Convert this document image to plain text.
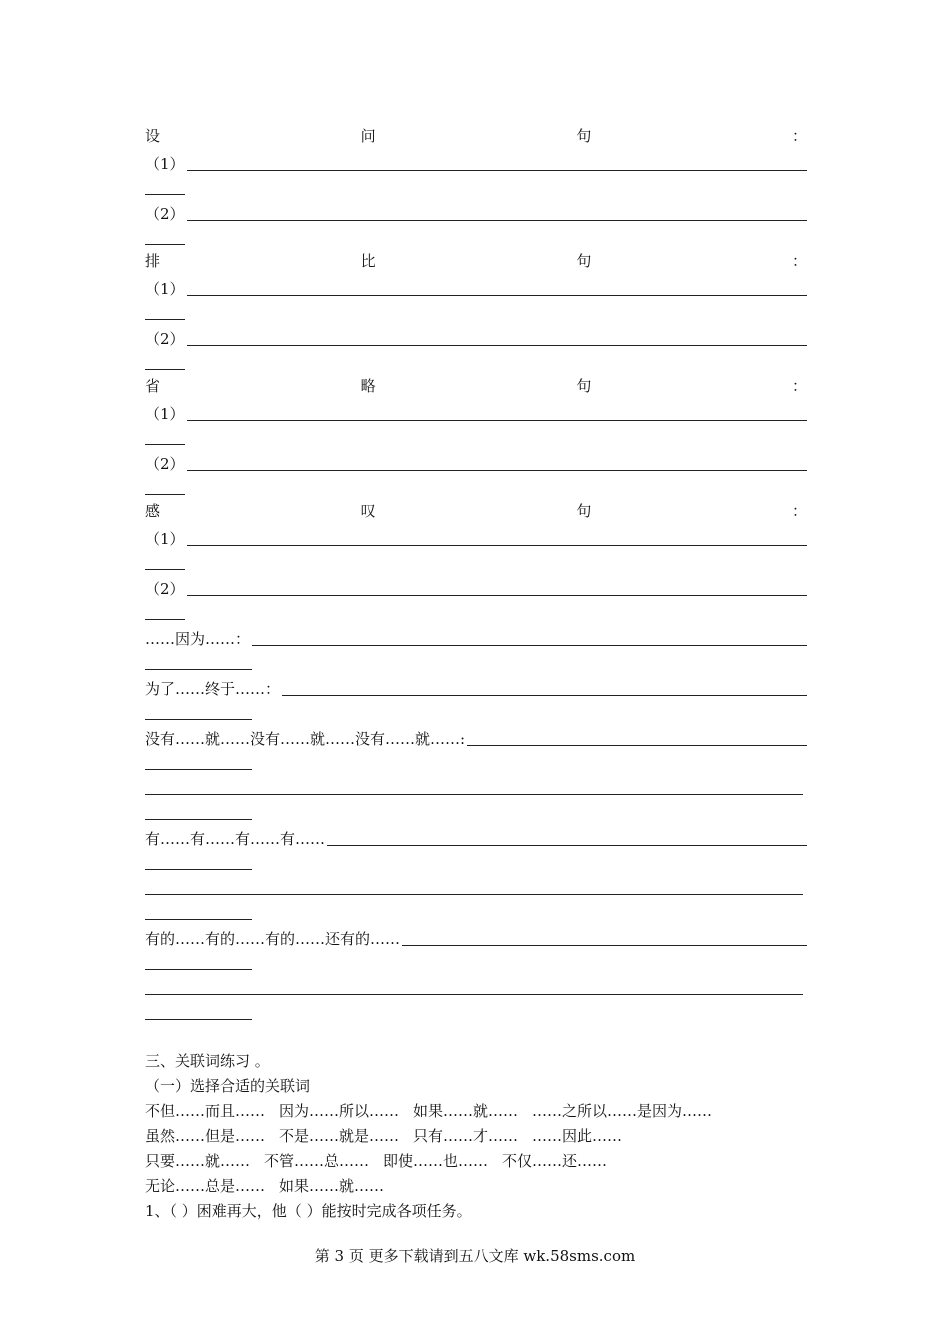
设	问	句	：
（1）
（2）
排	比	句	：
（1）
（2）
省	略	句	：
（1）
（2）
感	叹	句	：
（1）
（2）
……因为……：
为了……终于……：
没有……就……没有……就……没有……就……:
有……有……有……有……
有的……有的……有的……还有的……
三、关联词练习 。
（一）选择合适的关联词
不但……而且…… 因为……所以…… 如果……就…… ……之所以……是因为……
虽然……但是…… 不是……就是…… 只有……才…… ……因此……
只要……就…… 不管……总…… 即使……也…… 不仅……还……
无论……总是…… 如果……就……
1、（ ）困难再大，他（ ）能按时完成各项任务。
第 3 页 更多下载请到五八文库 wk.58sms.com
